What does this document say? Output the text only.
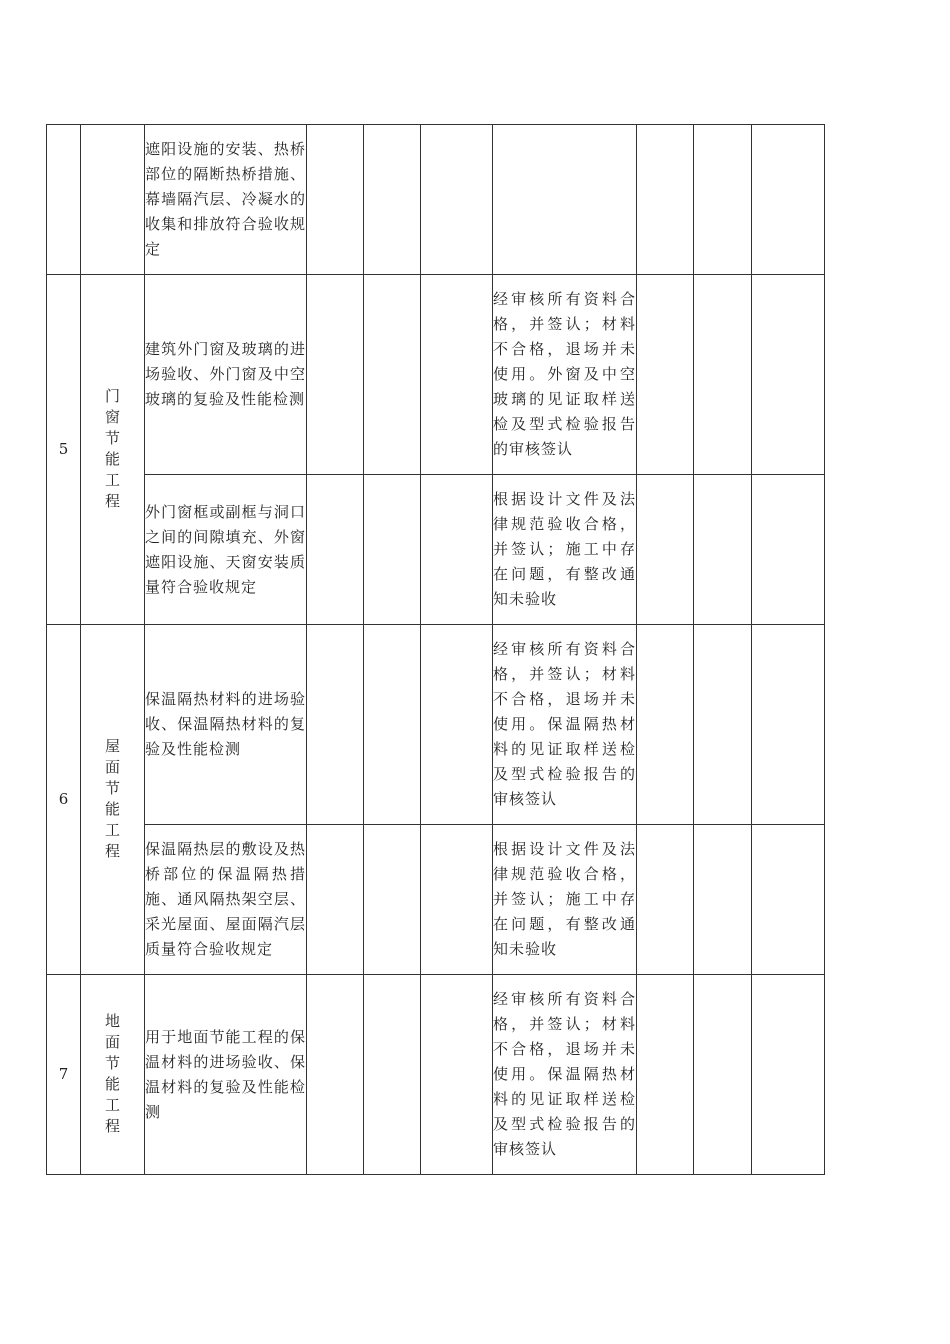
		遮阳设施的安装、热桥部位的隔断热桥措施、幕墙隔汽层、冷凝水的收集和排放符合验收规定							

5	门窗节能工程	建筑外门窗及玻璃的进场验收、外门窗及中空玻璃的复验及性能检测				经审核所有资料合格，并签认；材料不合格，退场并未使用。外窗及中空玻璃的见证取样送检及型式检验报告的审核签认			

		外门窗框或副框与洞口之间的间隙填充、外窗遮阳设施、天窗安装质量符合验收规定				根据设计文件及法律规范验收合格，并签认；施工中存在问题，有整改通知未验收			

6	屋面节能工程	保温隔热材料的进场验收、保温隔热材料的复验及性能检测				经审核所有资料合格，并签认；材料不合格，退场并未使用。保温隔热材料的见证取样送检及型式检验报告的审核签认			

		保温隔热层的敷设及热桥部位的保温隔热措施、通风隔热架空层、采光屋面、屋面隔汽层质量符合验收规定				根据设计文件及法律规范验收合格，并签认；施工中存在问题，有整改通知未验收			

7	地面节能工程	用于地面节能工程的保温材料的进场验收、保温材料的复验及性能检测				经审核所有资料合格，并签认；材料不合格，退场并未使用。保温隔热材料的见证取样送检及型式检验报告的审核签认			
